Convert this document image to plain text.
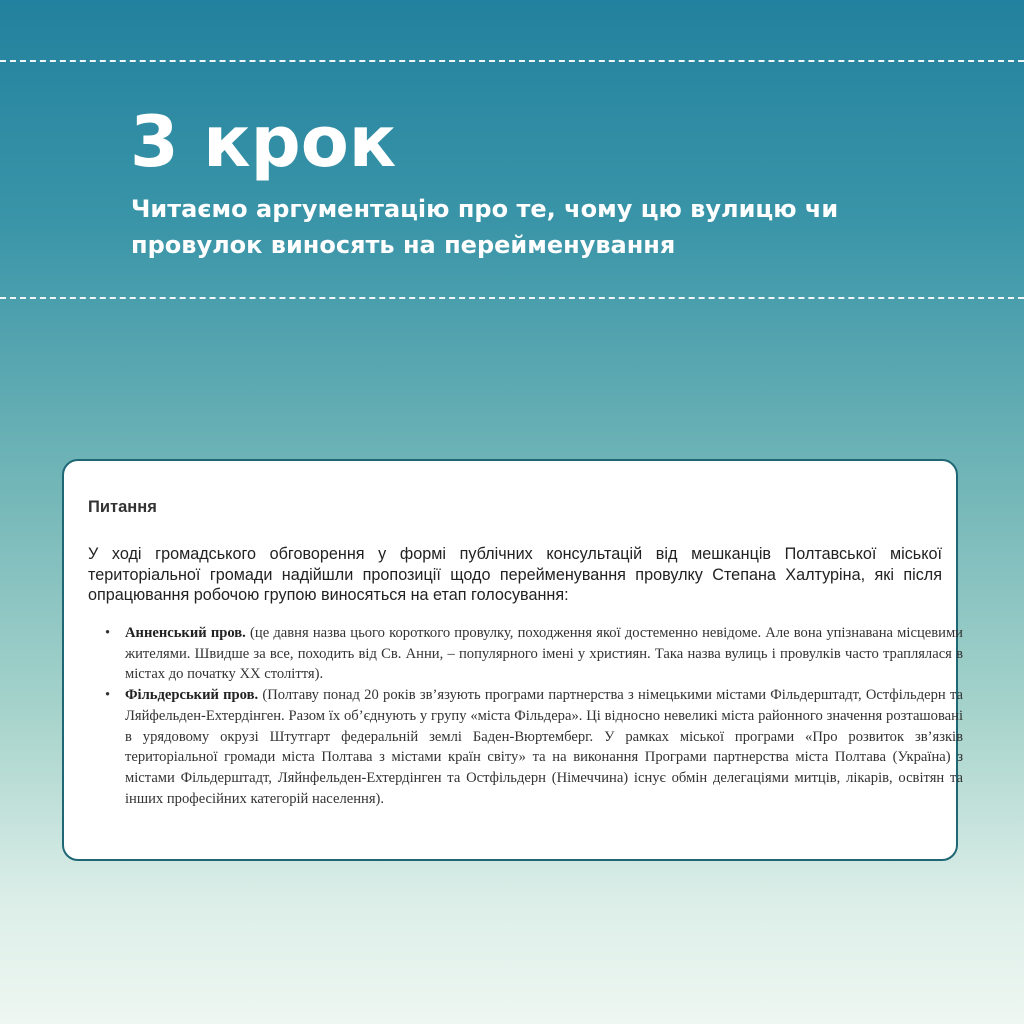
3 крок

Читаємо аргументацію про те, чому цю вулицю чи провулок виносять на перейменування

Питання

У ході громадського обговорення у формі публічних консультацій від мешканців Полтавської міської територіальної громади надійшли пропозиції щодо перейменування провулку Степана Халтуріна, які після опрацювання робочою групою виносяться на етап голосування:

• Анненський пров. (це давня назва цього короткого провулку, походження якої достеменно невідоме. Але вона упізнавана місцевими жителями. Швидше за все, походить від Св. Анни, – популярного імені у християн. Така назва вулиць і провулків часто траплялася в містах до початку XX століття).
• Фільдерський пров. (Полтаву понад 20 років зв’язують програми партнерства з німецькими містами Фільдерштадт, Остфільдерн та Ляйфельден-Ехтердінген. Разом їх об’єднують у групу «міста Фільдера». Ці відносно невеликі міста районного значення розташовані в урядовому окрузі Штутгарт федеральній землі Баден-Вюртемберг. У рамках міської програми «Про розвиток зв’язків територіальної громади міста Полтава з містами країн світу» та на виконання Програми партнерства міста Полтава (Україна) з містами Фільдерштадт, Ляйнфельден-Ехтердінген та Остфільдерн (Німеччина) існує обмін делегаціями митців, лікарів, освітян та інших професійних категорій населення).
